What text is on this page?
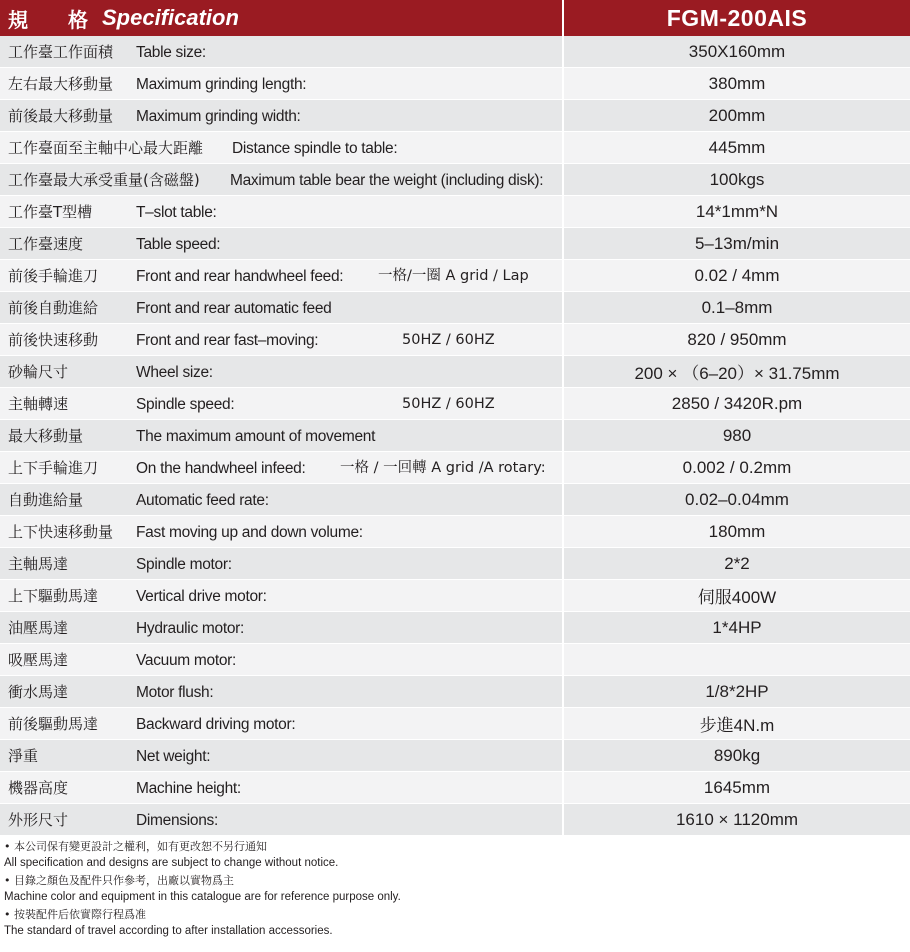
規　格 Specification	FGM-200AIS
工作臺工作面積 Table size:	350X160mm
左右最大移動量 Maximum grinding length:	380mm
前後最大移動量 Maximum grinding width:	200mm
工作臺面至主軸中心最大距離 Distance spindle to table:	445mm
工作臺最大承受重量(含磁盤) Maximum table bear the weight (including disk):	100kgs
工作臺T型槽	T–slot table:	14*1mm*N
工作臺速度	Table speed:	5–13m/min
前後手輪進刀 Front and rear handwheel feed: 一格/一圈 A grid / Lap	0.02 / 4mm
前後自動進給 Front and rear automatic feed	0.1–8mm
前後快速移動 Front and rear fast–moving:	50HZ / 60HZ	820 / 950mm
砂輪尺寸	Wheel size:	200 × （6–20）× 31.75mm
主軸轉速	Spindle speed:	50HZ / 60HZ	2850 / 3420R.pm
最大移動量	The maximum amount of movement	980
上下手輪進刀 On the handwheel infeed: 一格 / 一回轉 A grid /A rotary:	0.002 / 0.2mm
自動進給量	Automatic feed rate:	0.02–0.04mm
上下快速移動量 Fast moving up and down volume:	180mm
主軸馬達	Spindle motor:	2*2
上下驅動馬達 Vertical drive motor:	伺服400W
油壓馬達	Hydraulic motor:	1*4HP
吸壓馬達	Vacuum motor:
衝水馬達	Motor flush:	1/8*2HP
前後驅動馬達 Backward driving motor:	步進4N.m
淨重	Net weight:	890kg
機器高度	Machine height:	1645mm
外形尺寸	Dimensions:	1610 × 1120mm
• 本公司保有變更設計之權利，如有更改恕不另行通知
All specification and designs are subject to change without notice.
• 目錄之顏色及配件只作參考，出廠以實物爲主
Machine color and equipment in this catalogue are for reference purpose only.
• 按裝配件后依實際行程爲准
The standard of travel according to after installation accessories.
